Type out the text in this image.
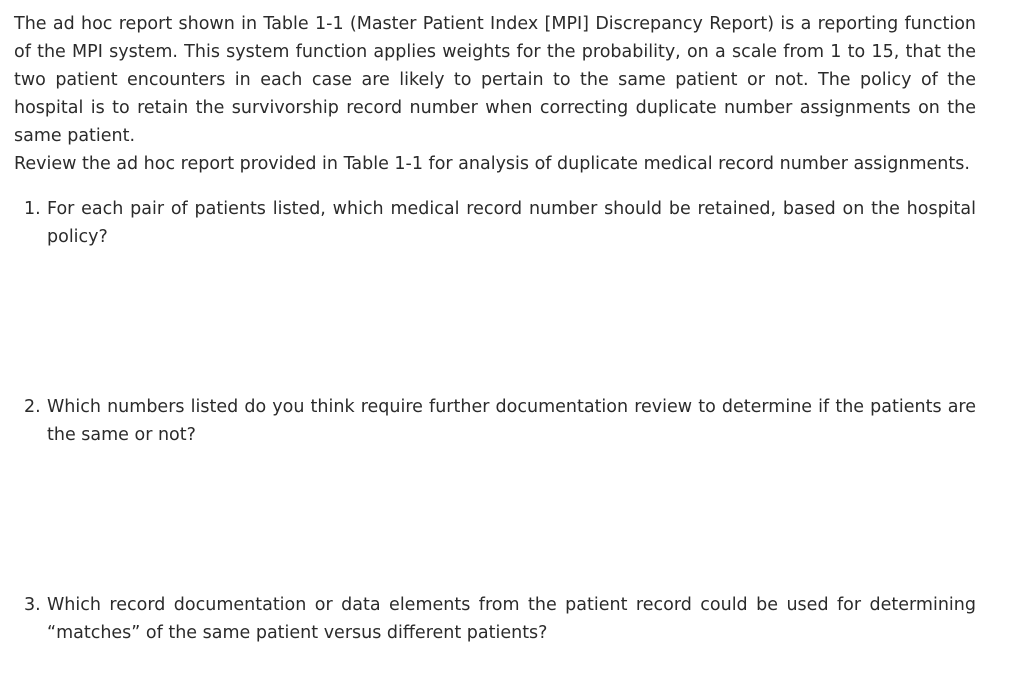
The ad hoc report shown in Table 1-1 (Master Patient Index [MPI] Discrepancy Report) is a reporting function of the MPI system. This system function applies weights for the probability, on a scale from 1 to 15, that the two patient encounters in each case are likely to pertain to the same patient or not. The policy of the hospital is to retain the survivorship record number when correcting duplicate number assignments on the same patient.

Review the ad hoc report provided in Table 1-1 for analysis of duplicate medical record number assignments.

1. For each pair of patients listed, which medical record number should be retained, based on the hospital policy?
2. Which numbers listed do you think require further documentation review to determine if the patients are the same or not?
3. Which record documentation or data elements from the patient record could be used for determining “matches” of the same patient versus different patients?
